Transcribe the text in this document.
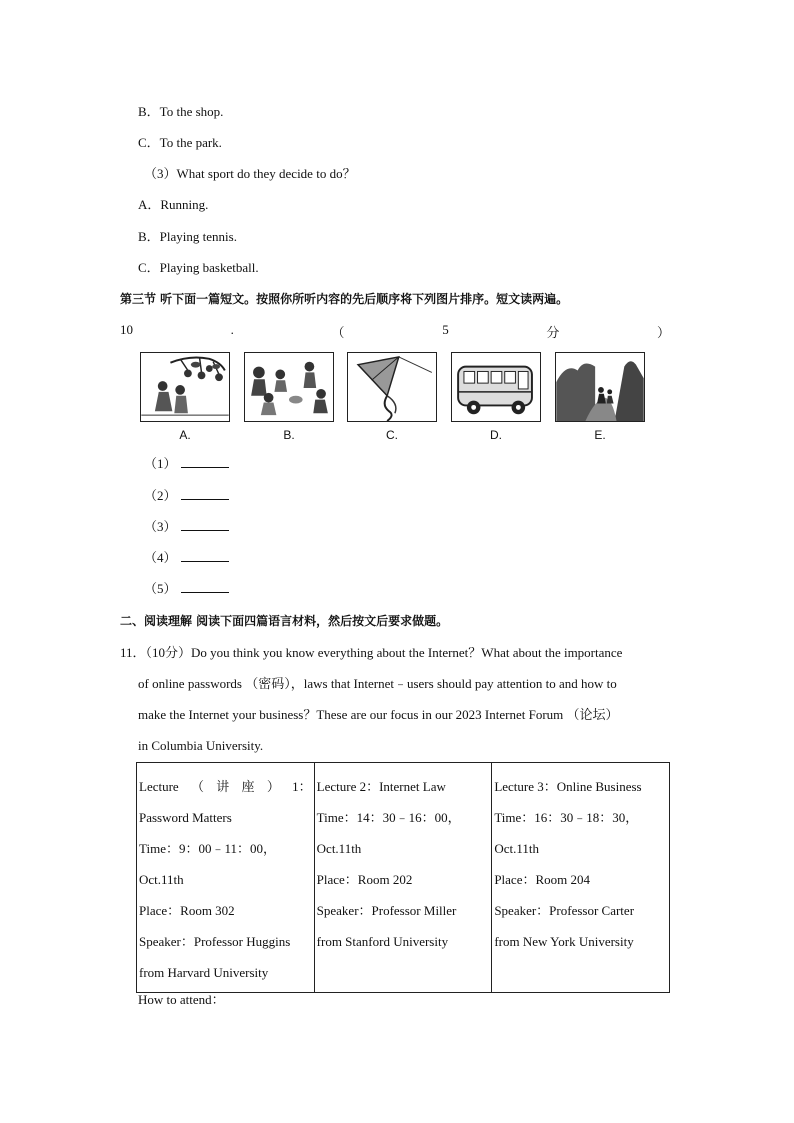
B．To the shop.
C．To the park.
（3）What sport do they decide to do？
A．Running.
B．Playing tennis.
C．Playing basketball.
第三节 听下面一篇短文。按照你所听内容的先后顺序将下列图片排序。短文读两遍。
10	.	（	5	分	）
A.	B.	C.	D.	E.
（1）
（2）
（3）
（4）
（5）
二、阅读理解 阅读下面四篇语言材料，然后按文后要求做题。
11．（10分）Do you think you know everything about the Internet？What about the importance
of online passwords （密码），laws that Internet﹣users should pay attention to and how to
make the Internet your business？These are our focus in our 2023 Internet Forum （论坛）
in Columbia University.
Lecture （ 讲 座 ） 1：
Password Matters
Time：9：00﹣11：00，
Oct.11th
Place：Room 302
Speaker：Professor Huggins
from Harvard University

Lecture 2：Internet Law
Time：14：30﹣16：00，
Oct.11th
Place：Room 202
Speaker：Professor Miller
from Stanford University

Lecture 3：Online Business
Time：16：30﹣18：30，
Oct.11th
Place：Room 204
Speaker：Professor Carter
from New York University
How to attend：
